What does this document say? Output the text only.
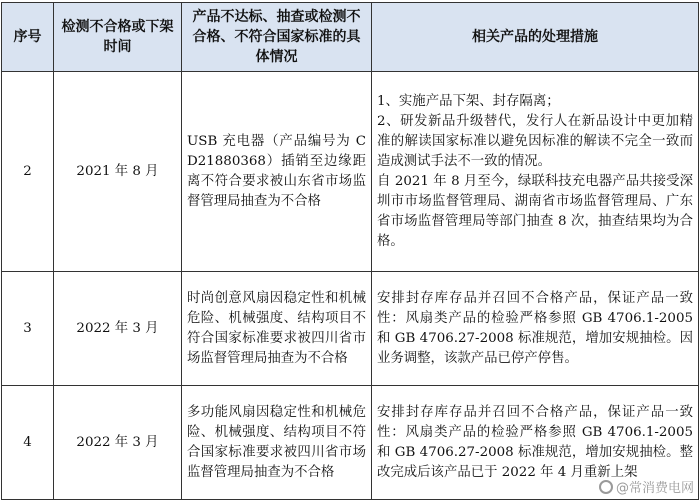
序号	检测不合格或下架时间	产品不达标、抽查或检测不合格、不符合国家标准的具体情况	相关产品的处理措施
2	2021 年 8 月	USB 充电器（产品编号为 CD21880368）插销至边缘距离不符合要求被山东省市场监督管理局抽查为不合格	1、实施产品下架、封存隔离；
2、研发新品升级替代，发行人在新品设计中更加精准的解读国家标准以避免因标准的解读不完全一致而造成测试手法不一致的情况。
自 2021 年 8 月至今，绿联科技充电器产品共接受深圳市市场监督管理局、湖南省市场监督管理局、广东省市场监督管理局等部门抽查 8 次，抽查结果均为合格。

3	2022 年 3 月	时尚创意风扇因稳定性和机械危险、机械强度、结构项目不符合国家标准要求被四川省市场监督管理局抽查为不合格	安排封存库存品并召回不合格产品，保证产品一致性：风扇类产品的检验严格参照 GB 4706.1-2005 和 GB 4706.27-2008 标准规范，增加安规抽检。因业务调整，该款产品已停产停售。

4	2022 年 3 月	多功能风扇因稳定性和机械危险、机械强度、结构项目不符合国家标准要求被四川省市场监督管理局抽查为不合格	安排封存库存品并召回不合格产品，保证产品一致性：风扇类产品的检验严格参照 GB 4706.1-2005 和 GB 4706.27-2008 标准规范，增加安规抽检。整改完成后该产品已于 2022 年 4 月重新上架
@常消费电网
